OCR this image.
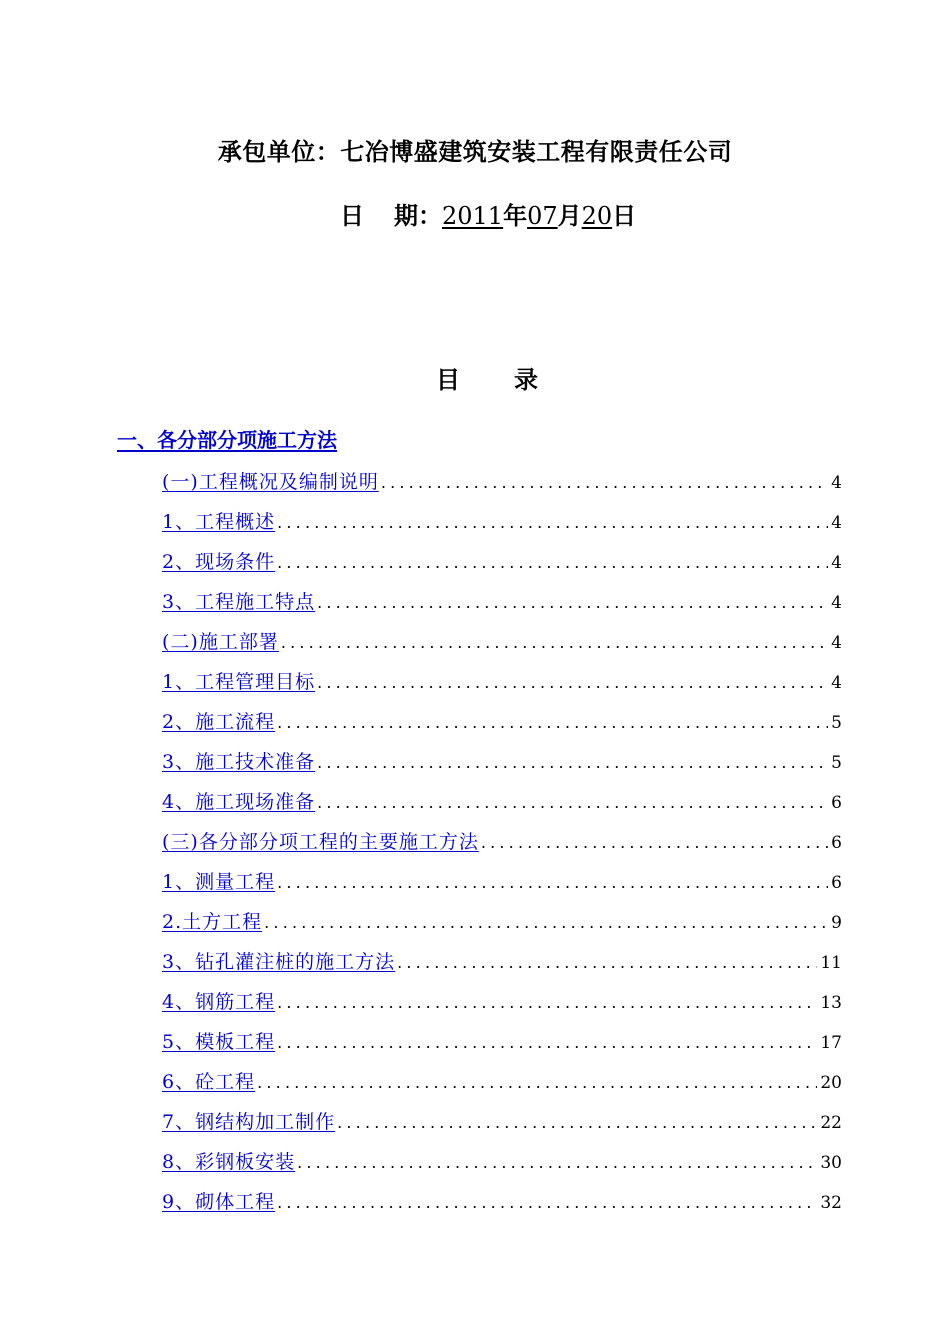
承包单位：七冶博盛建筑安装工程有限责任公司
日 期：2011年07月20日
目 录
一、各分部分项施工方法
(一)工程概况及编制说明 .....	4
1、工程概述 .....	4
2、现场条件 .....	4
3、工程施工特点 .....	4
(二)施工部署 .....	4
1、工程管理目标 .....	4
2、施工流程 .....	5
3、施工技术准备 .....	5
4、施工现场准备 .....	6
(三)各分部分项工程的主要施工方法 .....	6
1、测量工程 .....	6
2.土方工程 .....	9
3、钻孔灌注桩的施工方法 .....	11
4、钢筋工程 .....	13
5、模板工程 .....	17
6、砼工程 .....	20
7、钢结构加工制作 .....	22
8、彩钢板安装 .....	30
9、砌体工程 .....	32
